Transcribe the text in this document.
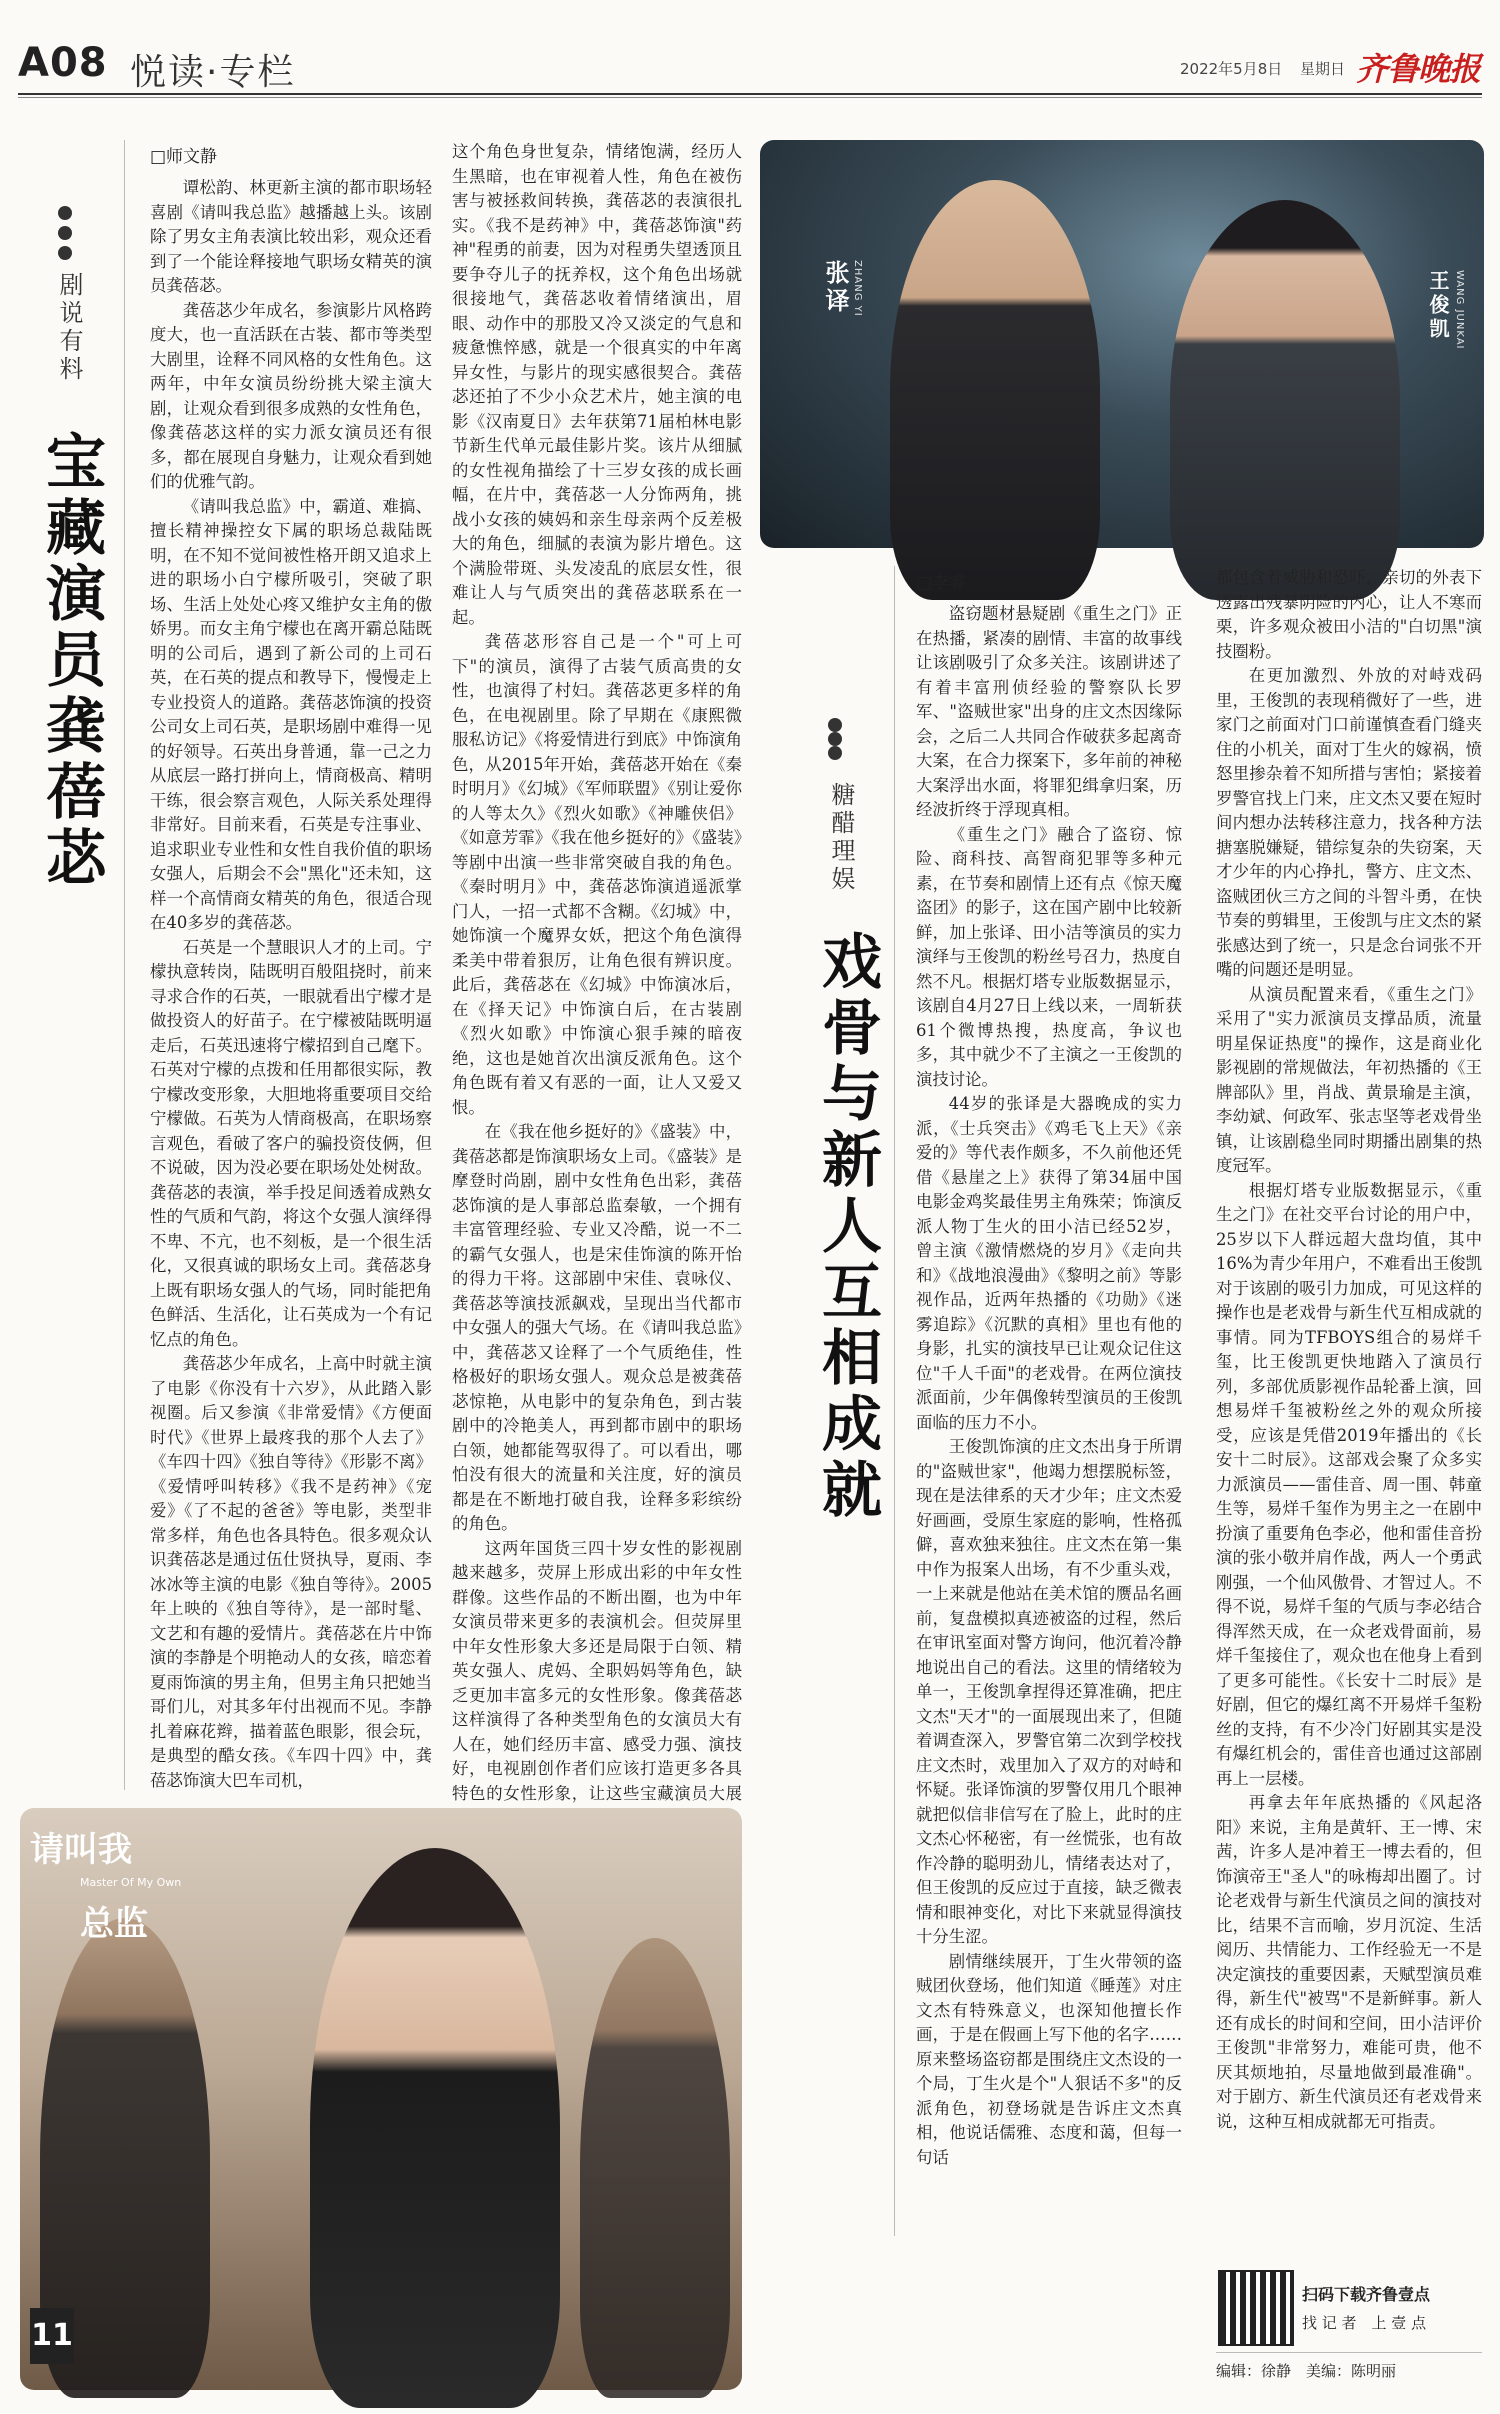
A08 悦读·专栏	2022年5月8日 星期日 齐鲁晚报
剧说有料
宝藏演员龚蓓苾
□师文静

谭松韵、林更新主演的都市职场轻喜剧《请叫我总监》越播越上头。该剧除了男女主角表演比较出彩，观众还看到了一个能诠释接地气职场女精英的演员龚蓓苾。

龚蓓苾少年成名，参演影片风格跨度大，也一直活跃在古装、都市等类型大剧里，诠释不同风格的女性角色。这两年，中年女演员纷纷挑大梁主演大剧，让观众看到很多成熟的女性角色，像龚蓓苾这样的实力派女演员还有很多，都在展现自身魅力，让观众看到她们的优雅气韵。

《请叫我总监》中，霸道、难搞、擅长精神操控女下属的职场总裁陆既明，在不知不觉间被性格开朗又追求上进的职场小白宁檬所吸引，突破了职场、生活上处处心疼又维护女主角的傲娇男。而女主角宁檬也在离开霸总陆既明的公司后，遇到了新公司的上司石英，在石英的提点和教导下，慢慢走上专业投资人的道路。龚蓓苾饰演的投资公司女上司石英，是职场剧中难得一见的好领导。石英出身普通，靠一己之力从底层一路打拼向上，情商极高、精明干练，很会察言观色，人际关系处理得非常好。目前来看，石英是专注事业、追求职业专业性和女性自我价值的职场女强人，后期会不会"黑化"还未知，这样一个高情商女精英的角色，很适合现在40多岁的龚蓓苾。

石英是一个慧眼识人才的上司。宁檬执意转岗，陆既明百般阻挠时，前来寻求合作的石英，一眼就看出宁檬才是做投资人的好苗子。在宁檬被陆既明逼走后，石英迅速将宁檬招到自己麾下。石英对宁檬的点拨和任用都很实际，教宁檬改变形象，大胆地将重要项目交给宁檬做。石英为人情商极高，在职场察言观色，看破了客户的骗投资伎俩，但不说破，因为没必要在职场处处树敌。龚蓓苾的表演，举手投足间透着成熟女性的气质和气韵，将这个女强人演绎得不卑、不亢，也不刻板，是一个很生活化，又很真诚的职场女上司。龚蓓苾身上既有职场女强人的气场，同时能把角色鲜活、生活化，让石英成为一个有记忆点的角色。

龚蓓苾少年成名，上高中时就主演了电影《你没有十六岁》，从此踏入影视圈。后又参演《非常爱情》《方便面时代》《世界上最疼我的那个人去了》《车四十四》《独自等待》《形影不离》《爱情呼叫转移》《我不是药神》《宠爱》《了不起的爸爸》等电影，类型非常多样，角色也各具特色。很多观众认识龚蓓苾是通过伍仕贤执导，夏雨、李冰冰等主演的电影《独自等待》。2005年上映的《独自等待》，是一部时髦、文艺和有趣的爱情片。龚蓓苾在片中饰演的李静是个明艳动人的女孩，暗恋着夏雨饰演的男主角，但男主角只把她当哥们儿，对其多年付出视而不见。李静扎着麻花辫，描着蓝色眼影，很会玩，是典型的酷女孩。《车四十四》中，龚蓓苾饰演大巴车司机，

这个角色身世复杂，情绪饱满，经历人生黑暗，也在审视着人性，角色在被伤害与被拯救间转换，龚蓓苾的表演很扎实。《我不是药神》中，龚蓓苾饰演"药神"程勇的前妻，因为对程勇失望透顶且要争夺儿子的抚养权，这个角色出场就很接地气，龚蓓苾收着情绪演出，眉眼、动作中的那股又冷又淡定的气息和疲惫憔悴感，就是一个很真实的中年离异女性，与影片的现实感很契合。龚蓓苾还拍了不少小众艺术片，她主演的电影《汉南夏日》去年获第71届柏林电影节新生代单元最佳影片奖。该片从细腻的女性视角描绘了十三岁女孩的成长画幅，在片中，龚蓓苾一人分饰两角，挑战小女孩的姨妈和亲生母亲两个反差极大的角色，细腻的表演为影片增色。这个满脸带斑、头发凌乱的底层女性，很难让人与气质突出的龚蓓苾联系在一起。

龚蓓苾形容自己是一个"可上可下"的演员，演得了古装气质高贵的女性，也演得了村妇。龚蓓苾更多样的角色，在电视剧里。除了早期在《康熙微服私访记》《将爱情进行到底》中饰演角色，从2015年开始，龚蓓苾开始在《秦时明月》《幻城》《军师联盟》《别让爱你的人等太久》《烈火如歌》《神雕侠侣》《如意芳霏》《我在他乡挺好的》《盛装》等剧中出演一些非常突破自我的角色。《秦时明月》中，龚蓓苾饰演逍遥派掌门人，一招一式都不含糊。《幻城》中，她饰演一个魔界女妖，把这个角色演得柔美中带着狠厉，让角色很有辨识度。此后，龚蓓苾在《幻城》中饰演冰后，在《择天记》中饰演白后，在古装剧《烈火如歌》中饰演心狠手辣的暗夜绝，这也是她首次出演反派角色。这个角色既有着又有恶的一面，让人又爱又恨。

在《我在他乡挺好的》《盛装》中，龚蓓苾都是饰演职场女上司。《盛装》是摩登时尚剧，剧中女性角色出彩，龚蓓苾饰演的是人事部总监秦敏，一个拥有丰富管理经验、专业又冷酷，说一不二的霸气女强人，也是宋佳饰演的陈开怡的得力干将。这部剧中宋佳、袁咏仪、龚蓓苾等演技派飙戏，呈现出当代都市中女强人的强大气场。在《请叫我总监》中，龚蓓苾又诠释了一个气质绝佳，性格极好的职场女强人。观众总是被龚蓓苾惊艳，从电影中的复杂角色，到古装剧中的冷艳美人，再到都市剧中的职场白领，她都能驾驭得了。可以看出，哪怕没有很大的流量和关注度，好的演员都是在不断地打破自我，诠释多彩缤纷的角色。

这两年国货三四十岁女性的影视剧越来越多，荧屏上形成出彩的中年女性群像。这些作品的不断出圈，也为中年女演员带来更多的表演机会。但荧屏里中年女性形象大多还是局限于白领、精英女强人、虎妈、全职妈妈等角色，缺乏更加丰富多元的女性形象。像龚蓓苾这样演得了各种类型角色的女演员大有人在，她们经历丰富、感受力强、演技好，电视剧创作者们应该打造更多各具特色的女性形象，让这些宝藏演员大展

张译 ZHANG YI	王俊凯 WANG JUNKAI
糖醋理娱
戏骨与新人互相成就
□李睿

盗窃题材悬疑剧《重生之门》正在热播，紧凑的剧情、丰富的故事线让该剧吸引了众多关注。该剧讲述了有着丰富刑侦经验的警察队长罗军、"盗贼世家"出身的庄文杰因缘际会，之后二人共同合作破获多起离奇大案，在合力探案下，多年前的神秘大案浮出水面，将罪犯缉拿归案，历经波折终于浮现真相。

《重生之门》融合了盗窃、惊险、商科技、高智商犯罪等多种元素，在节奏和剧情上还有点《惊天魔盗团》的影子，这在国产剧中比较新鲜，加上张译、田小洁等演员的实力演绎与王俊凯的粉丝号召力，热度自然不凡。根据灯塔专业版数据显示，该剧自4月27日上线以来，一周斩获61个微博热搜，热度高，争议也多，其中就少不了主演之一王俊凯的演技讨论。

44岁的张译是大器晚成的实力派，《士兵突击》《鸡毛飞上天》《亲爱的》等代表作颇多，不久前他还凭借《悬崖之上》获得了第34届中国电影金鸡奖最佳男主角殊荣；饰演反派人物丁生火的田小洁已经52岁，曾主演《激情燃烧的岁月》《走向共和》《战地浪漫曲》《黎明之前》等影视作品，近两年热播的《功勋》《迷雾追踪》《沉默的真相》里也有他的身影，扎实的演技早已让观众记住这位"千人千面"的老戏骨。在两位演技派面前，少年偶像转型演员的王俊凯面临的压力不小。

王俊凯饰演的庄文杰出身于所谓的"盗贼世家"，他竭力想摆脱标签，现在是法律系的天才少年；庄文杰爱好画画，受原生家庭的影响，性格孤僻，喜欢独来独往。庄文杰在第一集中作为报案人出场，有不少重头戏，一上来就是他站在美术馆的赝品名画前，复盘模拟真迹被盗的过程，然后在审讯室面对警方询问，他沉着冷静地说出自己的看法。这里的情绪较为单一，王俊凯拿捏得还算准确，把庄文杰"天才"的一面展现出来了，但随着调查深入，罗警官第二次到学校找庄文杰时，戏里加入了双方的对峙和怀疑。张译饰演的罗警仅用几个眼神就把似信非信写在了脸上，此时的庄文杰心怀秘密，有一丝慌张，也有故作冷静的聪明劲儿，情绪表达对了，但王俊凯的反应过于直接，缺乏微表情和眼神变化，对比下来就显得演技十分生涩。

剧情继续展开，丁生火带领的盗贼团伙登场，他们知道《睡莲》对庄文杰有特殊意义，也深知他擅长作画，于是在假画上写下他的名字……原来整场盗窃都是围绕庄文杰设的一个局，丁生火是个"人狠话不多"的反派角色，初登场就是告诉庄文杰真相，他说话儒雅、态度和蔼，但每一句话

都包含着威胁和恐吓，亲切的外表下透露出残暴阴险的内心，让人不寒而栗，许多观众被田小洁的"白切黑"演技圈粉。

在更加激烈、外放的对峙戏码里，王俊凯的表现稍微好了一些，进家门之前面对门口前谨慎查看门缝夹住的小机关，面对丁生火的嫁祸，愤怒里掺杂着不知所措与害怕；紧接着罗警官找上门来，庄文杰又要在短时间内想办法转移注意力，找各种方法搪塞脱嫌疑，错综复杂的失窃案，天才少年的内心挣扎，警方、庄文杰、盗贼团伙三方之间的斗智斗勇，在快节奏的剪辑里，王俊凯与庄文杰的紧张感达到了统一，只是念台词张不开嘴的问题还是明显。

从演员配置来看，《重生之门》采用了"实力派演员支撑品质，流量明星保证热度"的操作，这是商业化影视剧的常规做法，年初热播的《王牌部队》里，肖战、黄景瑜是主演，李幼斌、何政军、张志坚等老戏骨坐镇，让该剧稳坐同时期播出剧集的热度冠军。

根据灯塔专业版数据显示，《重生之门》在社交平台讨论的用户中，25岁以下人群远超大盘均值，其中16%为青少年用户，不难看出王俊凯对于该剧的吸引力加成，可见这样的操作也是老戏骨与新生代互相成就的事情。同为TFBOYS组合的易烊千玺，比王俊凯更快地踏入了演员行列，多部优质影视作品轮番上演，回想易烊千玺被粉丝之外的观众所接受，应该是凭借2019年播出的《长安十二时辰》。这部戏会聚了众多实力派演员——雷佳音、周一围、韩童生等，易烊千玺作为男主之一在剧中扮演了重要角色李必，他和雷佳音扮演的张小敬并肩作战，两人一个勇武刚强，一个仙风傲骨、才智过人。不得不说，易烊千玺的气质与李必结合得浑然天成，在一众老戏骨面前，易烊千玺接住了，观众也在他身上看到了更多可能性。《长安十二时辰》是好剧，但它的爆红离不开易烊千玺粉丝的支持，有不少冷门好剧其实是没有爆红机会的，雷佳音也通过这部剧再上一层楼。

再拿去年年底热播的《风起洛阳》来说，主角是黄轩、王一博、宋茜，许多人是冲着王一博去看的，但饰演帝王"圣人"的咏梅却出圈了。讨论老戏骨与新生代演员之间的演技对比，结果不言而喻，岁月沉淀、生活阅历、共情能力、工作经验无一不是决定演技的重要因素，天赋型演员难得，新生代"被骂"不是新鲜事。新人还有成长的时间和空间，田小洁评价王俊凯"非常努力，难能可贵，他不厌其烦地拍，尽量地做到最准确"。对于剧方、新生代演员还有老戏骨来说，这种互相成就都无可指责。

请叫我
总监
Master Of My Own
11
扫码下载齐鲁壹点
找 记 者　上 壹 点
编辑：徐静　美编：陈明丽
